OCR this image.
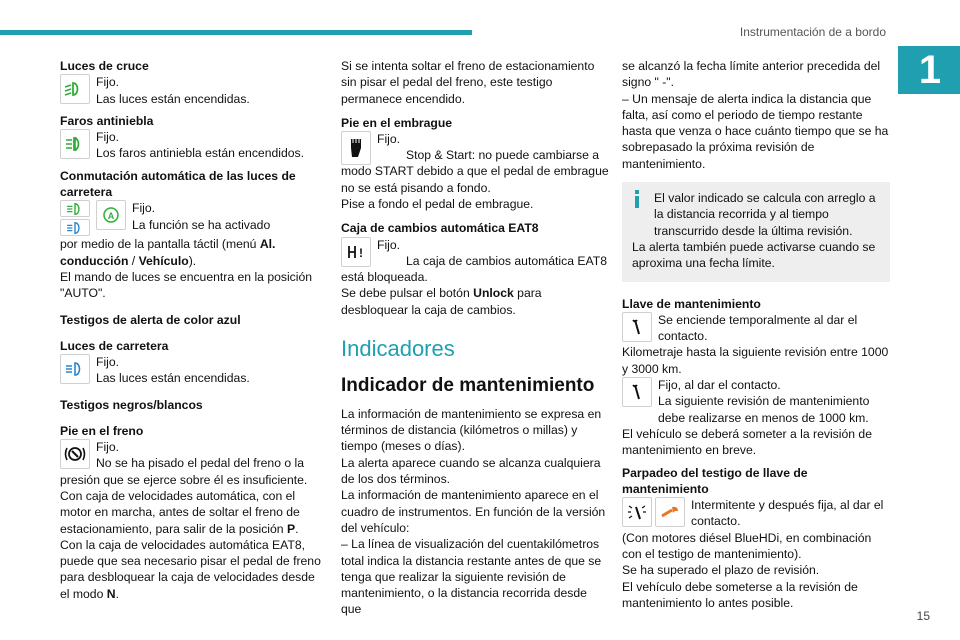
Instrumentación de a bordo
1
15
Luces de cruce
Fijo.
Las luces están encendidas.
Faros antiniebla
Fijo.
Los faros antiniebla están encendidos.
Conmutación automática de las luces de carretera
A
Fijo.
La función se ha activado
por medio de la pantalla táctil (menú Al. conducción / Vehículo).
El mando de luces se encuentra en la posición "AUTO".
Testigos de alerta de color azul
Luces de carretera
Fijo.
Las luces están encendidas.
Testigos negros/blancos
Pie en el freno
Fijo.
No se ha pisado el pedal del freno o la presión que se ejerce sobre él es insuficiente.
Con caja de velocidades automática, con el motor en marcha, antes de soltar el freno de estacionamiento, para salir de la posición P.
Con la caja de velocidades automática EAT8, puede que sea necesario pisar el pedal de freno para desbloquear la caja de velocidades desde el modo N.
Si se intenta soltar el freno de estacionamiento sin pisar el pedal del freno, este testigo permanece encendido.
Pie en el embrague
Fijo.
Stop & Start: no puede cambiarse a modo START debido a que el pedal de embrague no se está pisando a fondo.
Pise a fondo el pedal de embrague.
Caja de cambios automática EAT8
!
Fijo.
La caja de cambios automática EAT8 está bloqueada.
Se debe pulsar el botón Unlock para desbloquear la caja de cambios.
Indicadores
Indicador de mantenimiento
La información de mantenimiento se expresa en términos de distancia (kilómetros o millas) y tiempo (meses o días).
La alerta aparece cuando se alcanza cualquiera de los dos términos.
La información de mantenimiento aparece en el cuadro de instrumentos. En función de la versión del vehículo:
– La línea de visualización del cuentakilómetros total indica la distancia restante antes de que se tenga que realizar la siguiente revisión de mantenimiento, o la distancia recorrida desde que
se alcanzó la fecha límite anterior precedida del signo " -".
– Un mensaje de alerta indica la distancia que falta, así como el periodo de tiempo restante hasta que venza o hace cuánto tiempo que se ha sobrepasado la próxima revisión de mantenimiento.
El valor indicado se calcula con arreglo a la distancia recorrida y al tiempo transcurrido desde la última revisión.
La alerta también puede activarse cuando se aproxima una fecha límite.
Llave de mantenimiento
Se enciende temporalmente al dar el contacto.
Kilometraje hasta la siguiente revisión entre 1000 y 3000 km.
Fijo, al dar el contacto.
La siguiente revisión de mantenimiento debe realizarse en menos de 1000 km.
El vehículo se deberá someter a la revisión de mantenimiento en breve.
Parpadeo del testigo de llave de mantenimiento
Intermitente y después fija, al dar el contacto.
(Con motores diésel BlueHDi, en combinación con el testigo de mantenimiento).
Se ha superado el plazo de revisión.
El vehículo debe someterse a la revisión de mantenimiento lo antes posible.
